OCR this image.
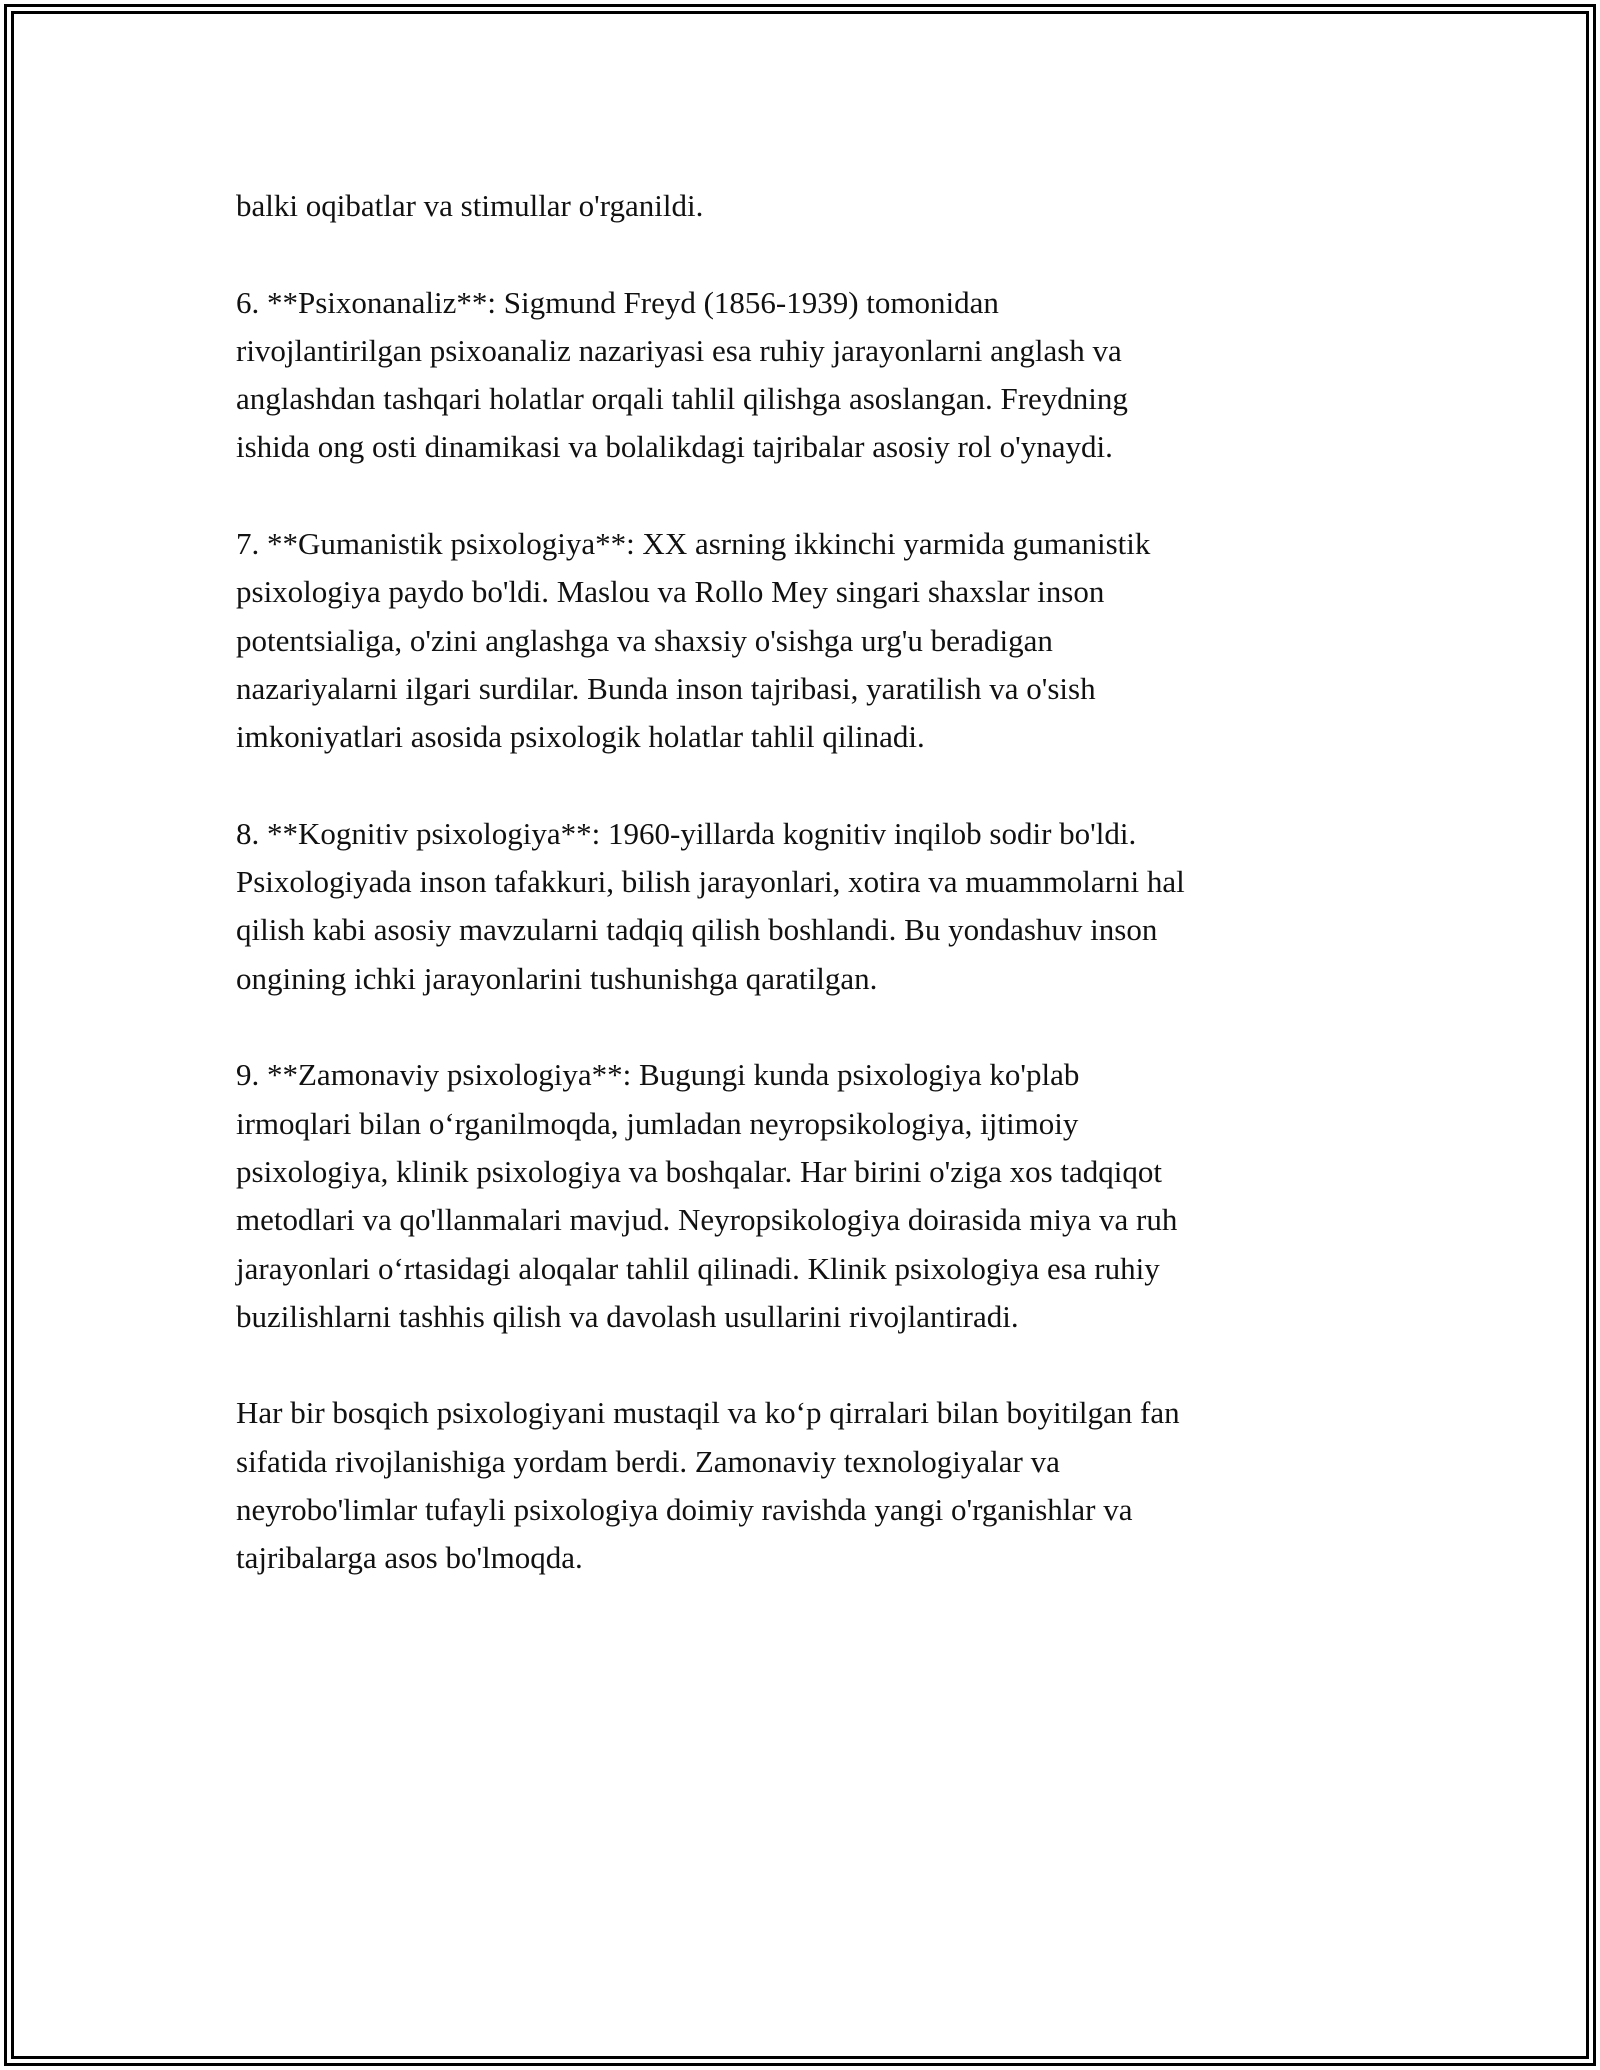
balki oqibatlar va stimullar o'rganildi.

6. **Psixonanaliz**: Sigmund Freyd (1856-1939) tomonidan
rivojlantirilgan psixoanaliz nazariyasi esa ruhiy jarayonlarni anglash va
anglashdan tashqari holatlar orqali tahlil qilishga asoslangan. Freydning
ishida ong osti dinamikasi va bolalikdagi tajribalar asosiy rol o'ynaydi.

7. **Gumanistik psixologiya**: XX asrning ikkinchi yarmida gumanistik
psixologiya paydo bo'ldi. Maslou va Rollo Mey singari shaxslar inson
potentsialiga, o'zini anglashga va shaxsiy o'sishga urg'u beradigan
nazariyalarni ilgari surdilar. Bunda inson tajribasi, yaratilish va o'sish
imkoniyatlari asosida psixologik holatlar tahlil qilinadi.

8. **Kognitiv psixologiya**: 1960-yillarda kognitiv inqilob sodir bo'ldi.
Psixologiyada inson tafakkuri, bilish jarayonlari, xotira va muammolarni hal
qilish kabi asosiy mavzularni tadqiq qilish boshlandi. Bu yondashuv inson
ongining ichki jarayonlarini tushunishga qaratilgan.

9. **Zamonaviy psixologiya**: Bugungi kunda psixologiya ko'plab
irmoqlari bilan o‘rganilmoqda, jumladan neyropsikologiya, ijtimoiy
psixologiya, klinik psixologiya va boshqalar. Har birini o'ziga xos tadqiqot
metodlari va qo'llanmalari mavjud. Neyropsikologiya doirasida miya va ruh
jarayonlari o‘rtasidagi aloqalar tahlil qilinadi. Klinik psixologiya esa ruhiy
buzilishlarni tashhis qilish va davolash usullarini rivojlantiradi.

Har bir bosqich psixologiyani mustaqil va ko‘p qirralari bilan boyitilgan fan
sifatida rivojlanishiga yordam berdi. Zamonaviy texnologiyalar va
neyrobo'limlar tufayli psixologiya doimiy ravishda yangi o'rganishlar va
tajribalarga asos bo'lmoqda.
